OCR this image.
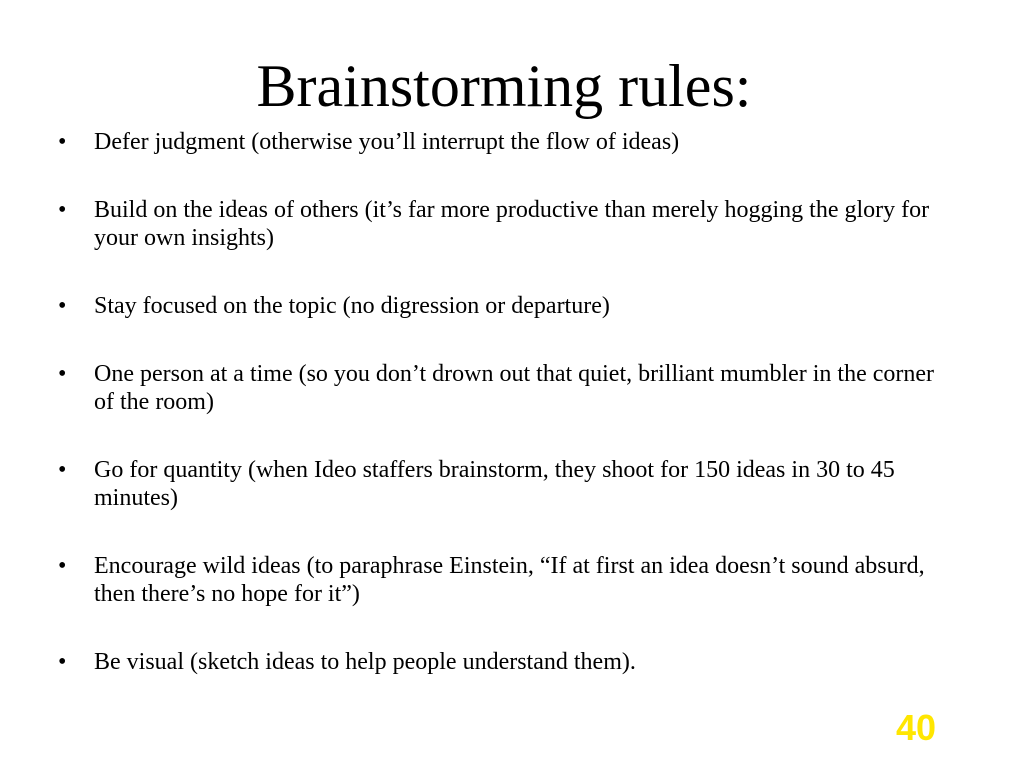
Brainstorming rules:
•	Defer judgment (otherwise you’ll interrupt the flow of ideas)
•	Build on the ideas of others (it’s far more productive than merely hogging the glory for your own insights)
•	Stay focused on the topic (no digression or departure)
•	One person at a time (so you don’t drown out that quiet, brilliant mumbler in the corner of the room)
•	Go for quantity (when Ideo staffers brainstorm, they shoot for 150 ideas in 30 to 45 minutes)
•	Encourage wild ideas (to paraphrase Einstein, “If at first an idea doesn’t sound absurd, then there’s no hope for it”)
•	Be visual (sketch ideas to help people understand them).
40
